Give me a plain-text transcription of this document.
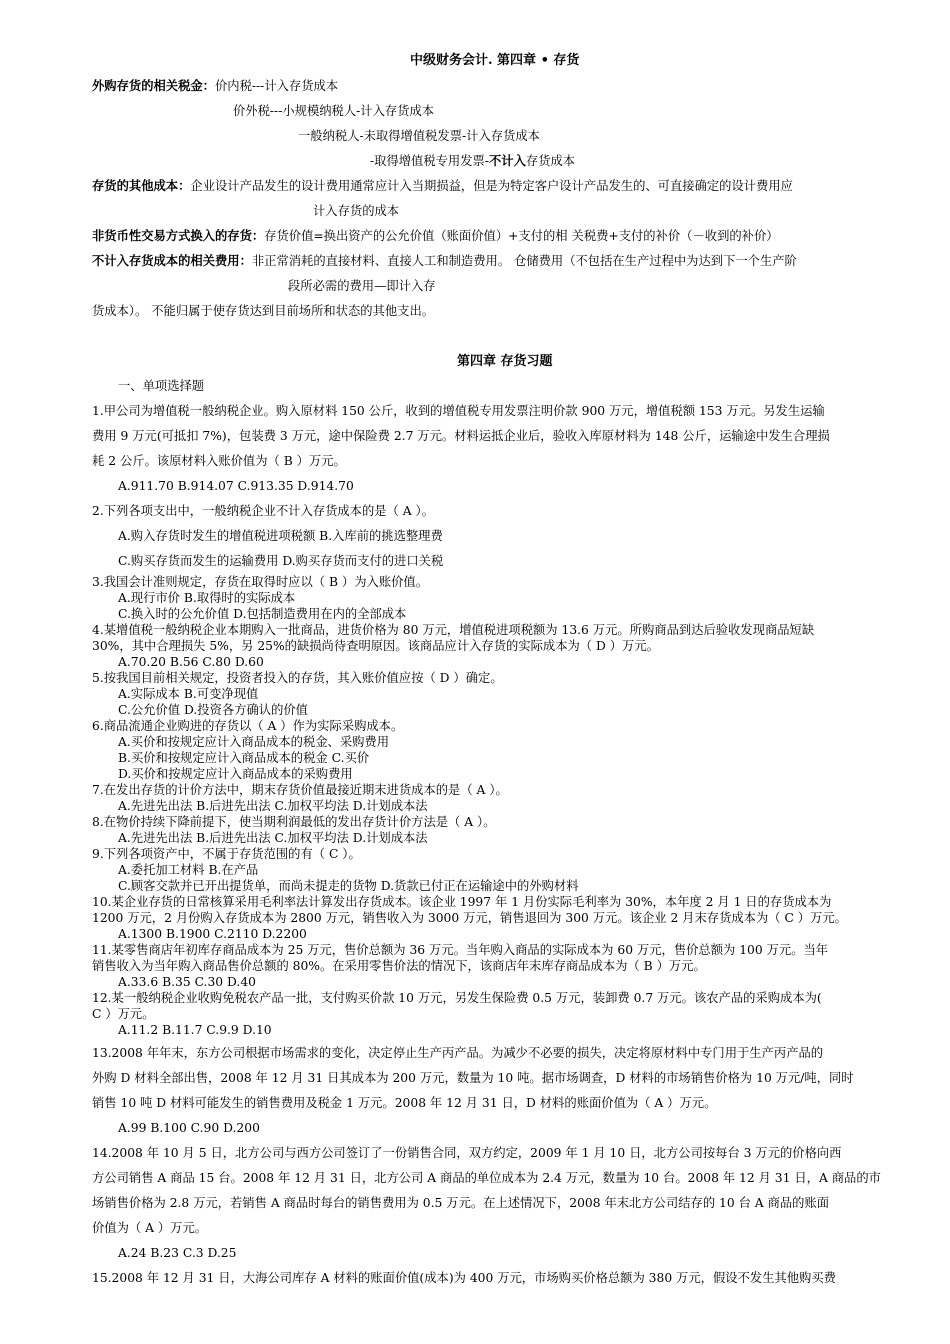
中级财务会计. 第四章 • 存货
外购存货的相关税金：价内税---计入存货成本
价外税---小规模纳税人-计入存货成本
一般纳税人-未取得增值税发票-计入存货成本
-取得增值税专用发票-不计入存货成本
存货的其他成本：企业设计产品发生的设计费用通常应计入当期损益，但是为特定客户设计产品发生的、可直接确定的设计费用应
计入存货的成本
非货币性交易方式换入的存货：存货价值=换出资产的公允价值（账面价值）+支付的相 关税费+支付的补价（－收到的补价）
不计入存货成本的相关费用：非正常消耗的直接材料、直接人工和制造费用。 仓储费用（不包括在生产过程中为达到下一个生产阶
段所必需的费用—即计入存
货成本）。 不能归属于使存货达到目前场所和状态的其他支出。
第四章 存货习题
一、单项选择题
1.甲公司为增值税一般纳税企业。购入原材料 150 公斤，收到的增值税专用发票注明价款 900 万元，增值税额 153 万元。另发生运输
费用 9 万元(可抵扣 7%)，包装费 3 万元，途中保险费 2.7 万元。材料运抵企业后，验收入库原材料为 148 公斤，运输途中发生合理损
耗 2 公斤。该原材料入账价值为（ B ）万元。
A.911.70 B.914.07 C.913.35 D.914.70
2.下列各项支出中，一般纳税企业不计入存货成本的是（ A ）。
A.购入存货时发生的增值税进项税额 B.入库前的挑选整理费
C.购买存货而发生的运输费用 D.购买存货而支付的进口关税
3.我国会计准则规定，存货在取得时应以（ B ）为入账价值。
A.现行市价 B.取得时的实际成本
C.换入时的公允价值 D.包括制造费用在内的全部成本
4.某增值税一般纳税企业本期购入一批商品，进货价格为 80 万元，增值税进项税额为 13.6 万元。所购商品到达后验收发现商品短缺
30%，其中合理损失 5%，另 25%的缺损尚待查明原因。该商品应计入存货的实际成本为（ D ）万元。
A.70.20 B.56 C.80 D.60
5.按我国目前相关规定，投资者投入的存货，其入账价值应按（ D ）确定。
A.实际成本 B.可变净现值
C.公允价值 D.投资各方确认的价值
6.商品流通企业购进的存货以（ A ）作为实际采购成本。
A.买价和按规定应计入商品成本的税金、采购费用
B.买价和按规定应计入商品成本的税金 C.买价
D.买价和按规定应计入商品成本的采购费用
7.在发出存货的计价方法中，期末存货价值最接近期末进货成本的是（ A ）。
A.先进先出法 B.后进先出法 C.加权平均法 D.计划成本法
8.在物价持续下降前提下，使当期利润最低的发出存货计价方法是（ A ）。
A.先进先出法 B.后进先出法 C.加权平均法 D.计划成本法
9.下列各项资产中，不属于存货范围的有（ C ）。
A.委托加工材料 B.在产品
C.顾客交款并已开出提货单，而尚未提走的货物 D.货款已付正在运输途中的外购材料
10.某企业存货的日常核算采用毛利率法计算发出存货成本。该企业 1997 年 1 月份实际毛利率为 30%，本年度 2 月 1 日的存货成本为
1200 万元，2 月份购入存货成本为 2800 万元，销售收入为 3000 万元，销售退回为 300 万元。该企业 2 月末存货成本为（ C ）万元。
A.1300 B.1900 C.2110 D.2200
11.某零售商店年初库存商品成本为 25 万元，售价总额为 36 万元。当年购入商品的实际成本为 60 万元，售价总额为 100 万元。当年
销售收入为当年购入商品售价总额的 80%。在采用零售价法的情况下，该商店年末库存商品成本为（ B ）万元。
A.33.6 B.35 C.30 D.40
12.某一般纳税企业收购免税农产品一批，支付购买价款 10 万元，另发生保险费 0.5 万元，装卸费 0.7 万元。该农产品的采购成本为(
C ）万元。
A.11.2 B.11.7 C.9.9 D.10
13.2008 年年末，东方公司根据市场需求的变化，决定停止生产丙产品。为减少不必要的损失，决定将原材料中专门用于生产丙产品的
外购 D 材料全部出售，2008 年 12 月 31 日其成本为 200 万元，数量为 10 吨。据市场调查，D 材料的市场销售价格为 10 万元/吨，同时
销售 10 吨 D 材料可能发生的销售费用及税金 1 万元。2008 年 12 月 31 日，D 材料的账面价值为（ A ）万元。
A.99 B.100 C.90 D.200
14.2008 年 10 月 5 日，北方公司与西方公司签订了一份销售合同，双方约定，2009 年 1 月 10 日，北方公司按每台 3 万元的价格向西
方公司销售 A 商品 15 台。2008 年 12 月 31 日，北方公司 A 商品的单位成本为 2.4 万元，数量为 10 台。2008 年 12 月 31 日，A 商品的市
场销售价格为 2.8 万元，若销售 A 商品时每台的销售费用为 0.5 万元。在上述情况下，2008 年末北方公司结存的 10 台 A 商品的账面
价值为（ A ）万元。
A.24 B.23 C.3 D.25
15.2008 年 12 月 31 日，大海公司库存 A 材料的账面价值(成本)为 400 万元，市场购买价格总额为 380 万元，假设不发生其他购买费
